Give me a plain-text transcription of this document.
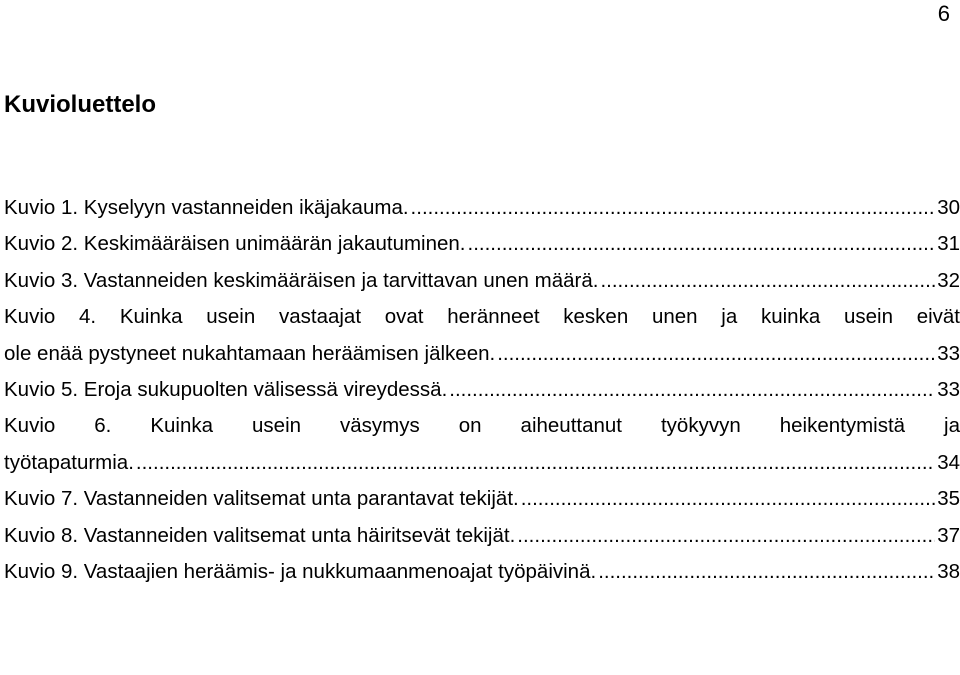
6
Kuvioluettelo
Kuvio 1. Kyselyyn vastanneiden ikäjakauma. .....	30
Kuvio 2. Keskimääräisen unimäärän jakautuminen. .....	31
Kuvio 3. Vastanneiden keskimääräisen ja tarvittavan unen määrä. .....	32
Kuvio 4. Kuinka usein vastaajat ovat heränneet kesken unen ja kuinka usein eivät
ole enää pystyneet nukahtamaan heräämisen jälkeen. .....	33
Kuvio 5. Eroja sukupuolten välisessä vireydessä. .....	33
Kuvio 6. Kuinka usein väsymys on aiheuttanut työkyvyn heikentymistä ja
työtapaturmia. .....	34
Kuvio 7. Vastanneiden valitsemat unta parantavat tekijät. .....	35
Kuvio 8. Vastanneiden valitsemat unta häiritsevät tekijät. .....	37
Kuvio 9. Vastaajien heräämis- ja nukkumaanmenoajat työpäivinä. .....	38
